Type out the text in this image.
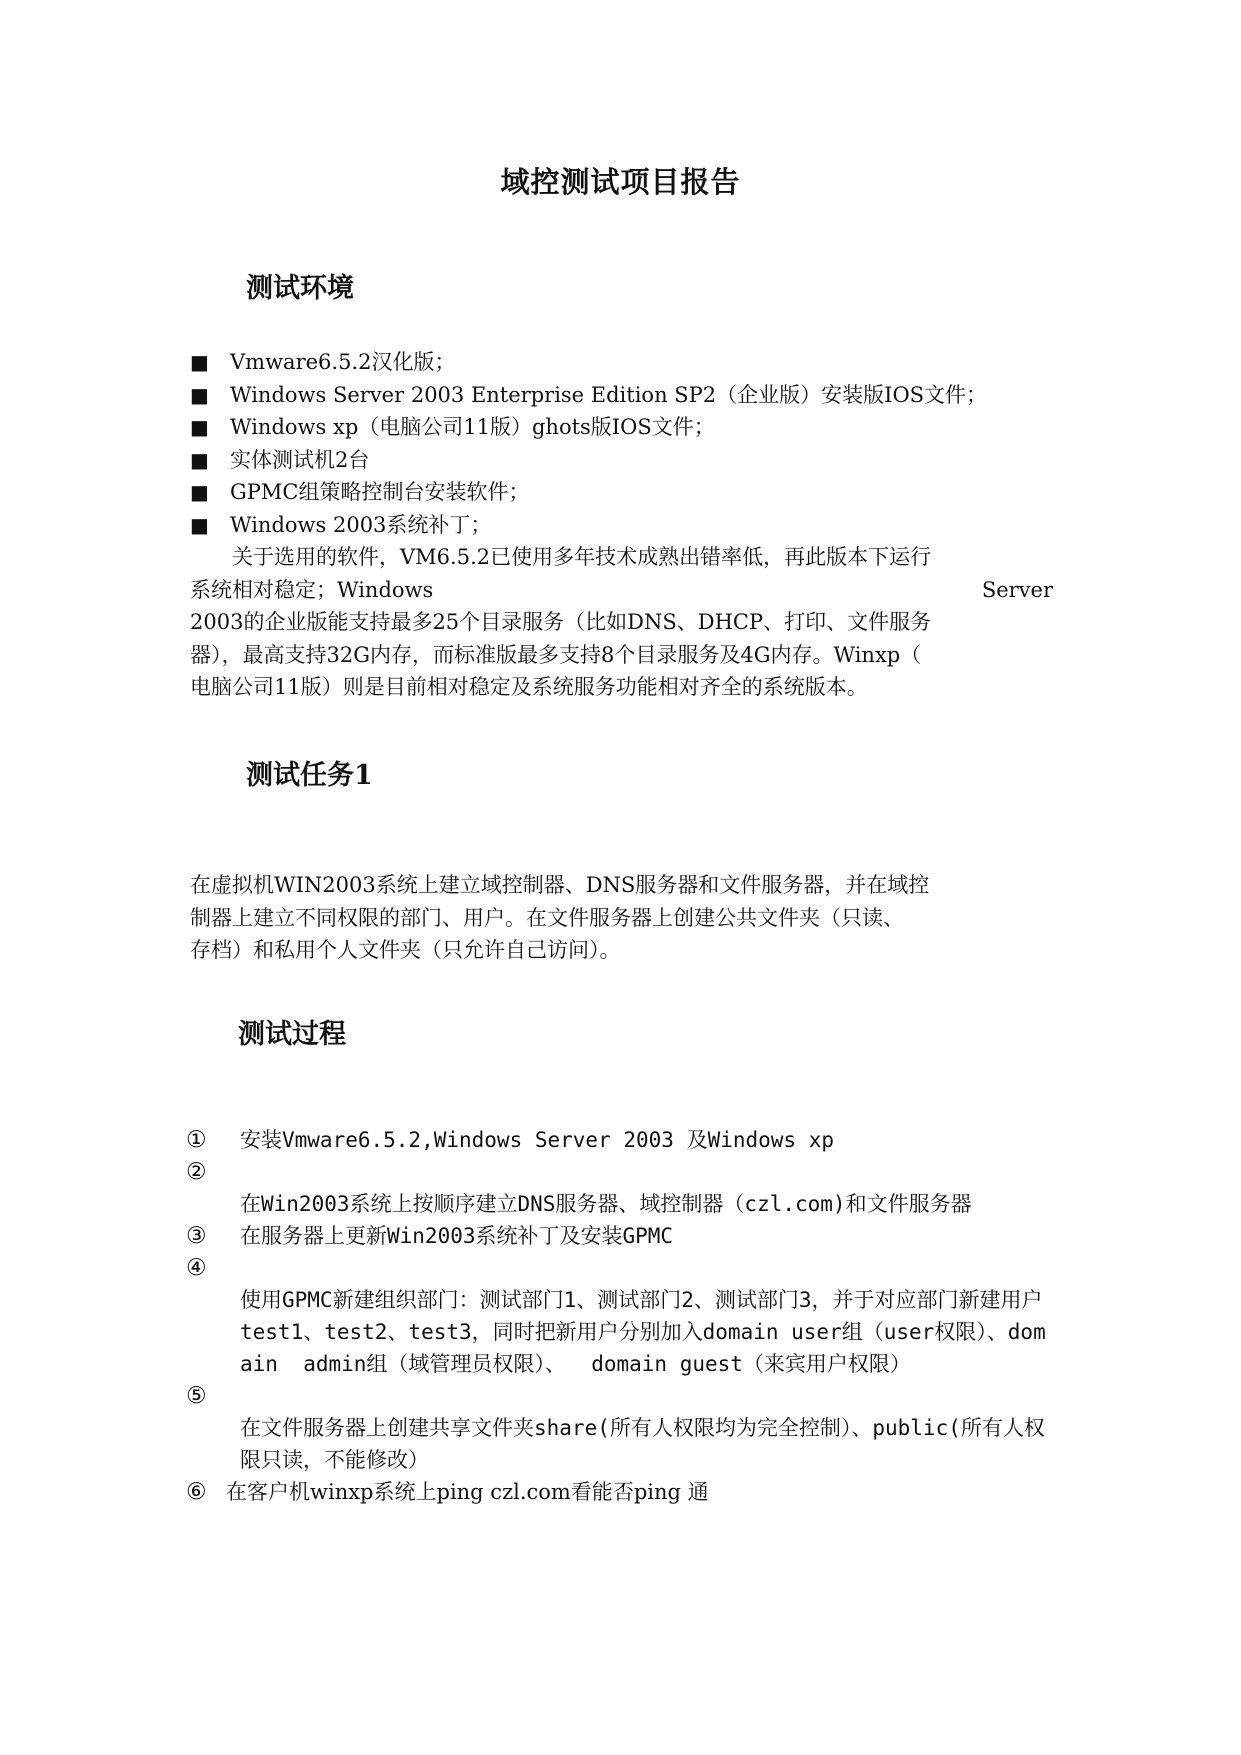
域控测试项目报告
测试环境
■ Vmware6.5.2汉化版；
■ Windows Server 2003 Enterprise Edition SP2（企业版）安装版IOS文件；
■ Windows xp（电脑公司11版）ghots版IOS文件；
■ 实体测试机2台
■ GPMC组策略控制台安装软件；
■ Windows 2003系统补丁；
　　关于选用的软件，VM6.5.2已使用多年技术成熟出错率低，再此版本下运行
系统相对稳定；Windows	Server
2003的企业版能支持最多25个目录服务（比如DNS、DHCP、打印、文件服务
器），最高支持32G内存，而标准版最多支持8个目录服务及4G内存。Winxp（
电脑公司11版）则是目前相对稳定及系统服务功能相对齐全的系统版本。
测试任务1
在虚拟机WIN2003系统上建立域控制器、DNS服务器和文件服务器，并在域控
制器上建立不同权限的部门、用户。在文件服务器上创建公共文件夹（只读、
存档）和私用个人文件夹（只允许自己访问）。
测试过程
①	安装Vmware6.5.2,Windows Server 2003 及Windows xp
②
在Win2003系统上按顺序建立DNS服务器、域控制器（czl.com)和文件服务器
③	在服务器上更新Win2003系统补丁及安装GPMC
④
使用GPMC新建组织部门：测试部门1、测试部门2、测试部门3，并于对应部门新建用户test1、test2、test3，同时把新用户分别加入domain user组（user权限）、domain  admin组（域管理员权限）、  domain guest（来宾用户权限）
⑤
在文件服务器上创建共享文件夹share(所有人权限均为完全控制）、public(所有人权限只读，不能修改）
⑥ 在客户机winxp系统上ping czl.com看能否ping 通
